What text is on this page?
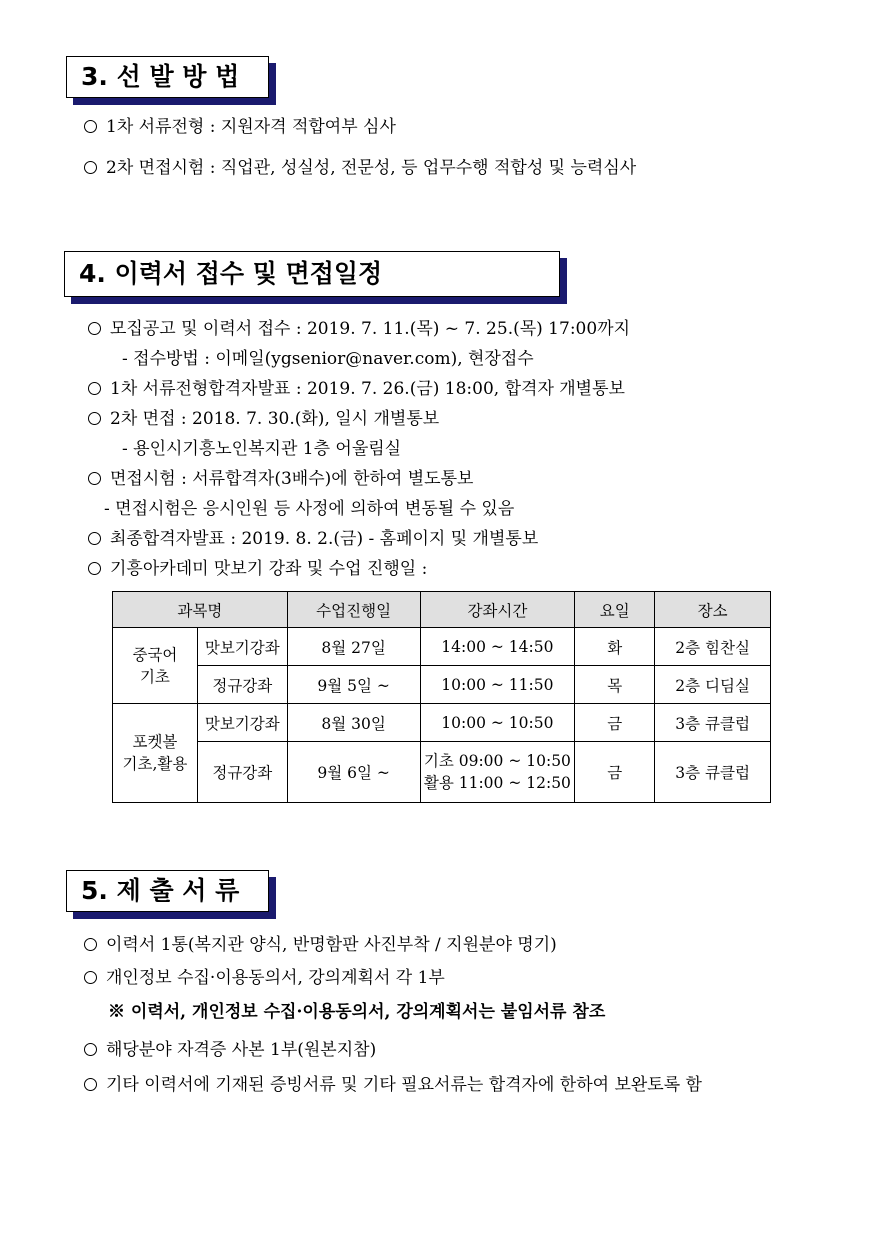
3. 선 발 방 법
1차 서류전형 : 지원자격 적합여부 심사
2차 면접시험 : 직업관, 성실성, 전문성, 등 업무수행 적합성 및 능력심사
4. 이력서 접수 및 면접일정
모집공고 및 이력서 접수 : 2019. 7. 11.(목) ~ 7. 25.(목) 17:00까지
- 접수방법 : 이메일(ygsenior@naver.com), 현장접수
1차 서류전형합격자발표 : 2019. 7. 26.(금) 18:00, 합격자 개별통보
2차 면접 : 2018. 7. 30.(화), 일시 개별통보
- 용인시기흥노인복지관 1층 어울림실
면접시험 : 서류합격자(3배수)에 한하여 별도통보
- 면접시험은 응시인원 등 사정에 의하여 변동될 수 있음
최종합격자발표 : 2019. 8. 2.(금) - 홈페이지 및 개별통보
기흥아카데미 맛보기 강좌 및 수업 진행일 :
과목명		수업진행일	강좌시간	요일	장소

중국어
기초	맛보기강좌	8월 27일	14:00 ~ 14:50	화	2층 힘찬실
	정규강좌	9월 5일 ~	10:00 ~ 11:50	목	2층 디딤실

포켓볼
기초,활용	맛보기강좌	8월 30일	10:00 ~ 10:50	금	3층 큐클럽
	정규강좌	9월 6일 ~	기초 09:00 ~ 10:50
활용 11:00 ~ 12:50	금	3층 큐클럽
5. 제 출 서 류
이력서 1통(복지관 양식, 반명함판 사진부착 / 지원분야 명기)
개인정보 수집·이용동의서, 강의계획서 각 1부
※ 이력서, 개인정보 수집·이용동의서, 강의계획서는 붙임서류 참조
해당분야 자격증 사본 1부(원본지참)
기타 이력서에 기재된 증빙서류 및 기타 필요서류는 합격자에 한하여 보완토록 함
